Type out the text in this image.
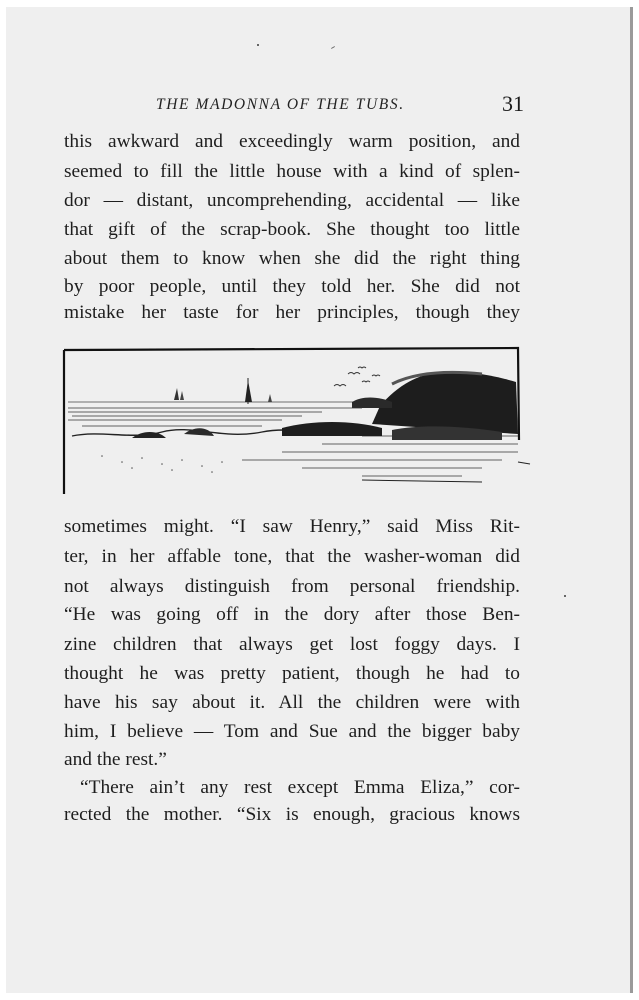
THE MADONNA OF THE TUBS.	31
this awkward and exceedingly warm position, and
seemed to fill the little house with a kind of splen-
dor — distant, uncomprehending, accidental — like
that gift of the scrap-book. She thought too little
about them to know when she did the right thing
by poor people, until they told her. She did not
mistake her taste for her principles, though they
sometimes might. “I saw Henry,” said Miss Rit-
ter, in her affable tone, that the washer-woman did
not always distinguish from personal friendship.
“He was going off in the dory after those Ben-
zine children that always get lost foggy days. I
thought he was pretty patient, though he had to
have his say about it. All the children were with
him, I believe — Tom and Sue and the bigger baby
and the rest.”
“There ain’t any rest except Emma Eliza,” cor-
rected the mother. “Six is enough, gracious knows
